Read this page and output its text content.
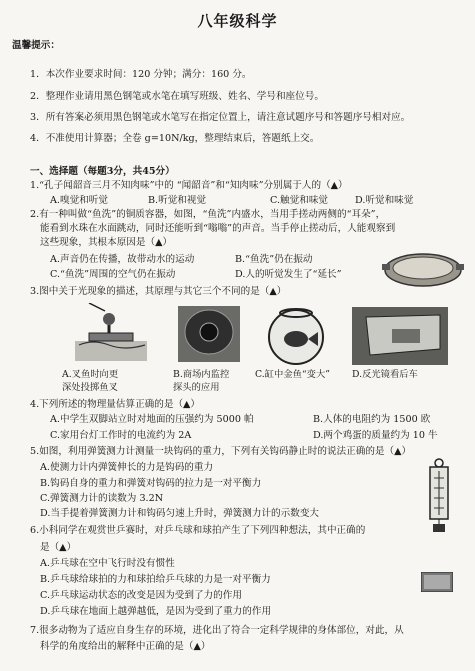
八年级科学
温馨提示：
1．本次作业要求时间：120 分钟；满分：160 分。
2．整理作业请用黑色钢笔或水笔在填写班级、姓名、学号和座位号。
3．所有答案必须用黑色钢笔或水笔写在指定位置上，请注意试题序号和答题序号相对应。
4．不准使用计算器；全卷 g=10N/kg，整理结束后，答题纸上交。
一、选择题（每题3分，共45分）
1.“孔子闻韶音三月不知肉味”中的 “闻韶音”和“知肉味”分别属于人的（▲）
A.嗅觉和听觉	B.听觉和视觉	C.触觉和味觉	D.听觉和味觉
2.有一种叫做“鱼洗”的铜质容器，如图，“鱼洗”内盛水，当用手搓动两侧的“耳朵”，
能看到水珠在水面跳动，同时还能听到“嗡嗡”的声音。当手停止搓动后，人能观察到
这些现象，其根本原因是（▲）
A.声音仍在传播，故带动水的运动	B.“鱼洗”仍在振动
C.“鱼洗”周围的空气仍在振动	D.人的听觉发生了“延长”
3.图中关于光现象的描述，其原理与其它三个不同的是（▲）
A.叉鱼时向更
深处投掷鱼叉
B.商场内监控
探头的应用
C.缸中金鱼“变大” D.反光镜看后车
4.下列所述的物理量估算正确的是（▲）
A.中学生双脚站立时对地面的压强约为 5000 帕	B.人体的电阻约为 1500 欧
C.家用台灯工作时的电流约为 2A	D.两个鸡蛋的质量约为 10 牛
5.如图，利用弹簧测力计测量一块钩码的重力，下列有关钩码静止时的说法正确的是（▲）
A.使测力计内弹簧伸长的力是钩码的重力
B.钩码自身的重力和弹簧对钩码的拉力是一对平衡力
C.弹簧测力计的读数为 3.2N
D.当手提着弹簧测力计和钩码匀速上升时，弹簧测力计的示数变大
6.小科同学在观赏世乒赛时，对乒乓球和球拍产生了下列四种想法，其中正确的
是（▲）
A.乒乓球在空中飞行时没有惯性
B.乒乓球给球拍的力和球拍给乒乓球的力是一对平衡力
C.乒乓球运动状态的改变是因为受到了力的作用
D.乒乓球在地面上越弹越低，是因为受到了重力的作用
7.很多动物为了适应自身生存的环境，进化出了符合一定科学规律的身体部位，对此，从
科学的角度给出的解释中正确的是（▲）
